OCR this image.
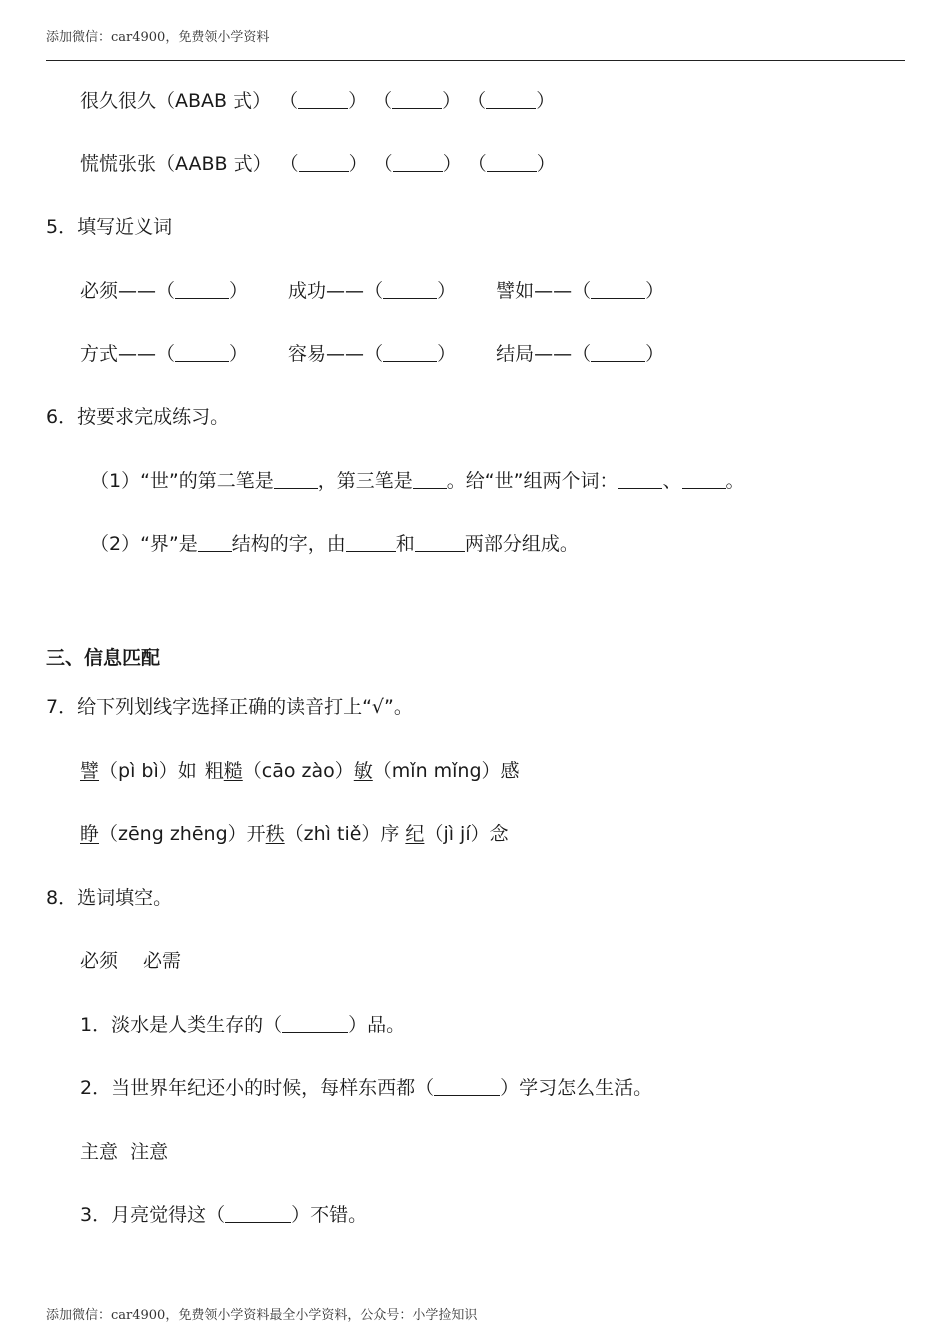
添加微信：car4900，免费领小学资料
很久很久（ABAB 式） （	） （	） （	）
慌慌张张（AABB 式） （	） （	） （	）
5．填写近义词
必须——（	） 成功——（	） 譬如——（	）
方式——（	） 容易——（	） 结局——（	）
6．按要求完成练习。
（1）“世”的第二笔是 ，第三笔是 。给“世”组两个词： 、 。
（2）“界”是 结构的字，由	和	两部分组成。
三、信息匹配
7．给下列划线字选择正确的读音打上“√”。
譬（pì bì）如 粗糙（cāo zào）敏（mǐn mǐng）感
睁（zēng zhēng）开秩（zhì tiě）序 纪（jì jí）念
8．选词填空。
必须　 必需
1．淡水是人类生存的（	）品。
2．当世界年纪还小的时候，每样东西都（	）学习怎么生活。
主意  注意
3．月亮觉得这（	）不错。
添加微信：car4900，免费领小学资料最全小学资料，公众号：小学捡知识
